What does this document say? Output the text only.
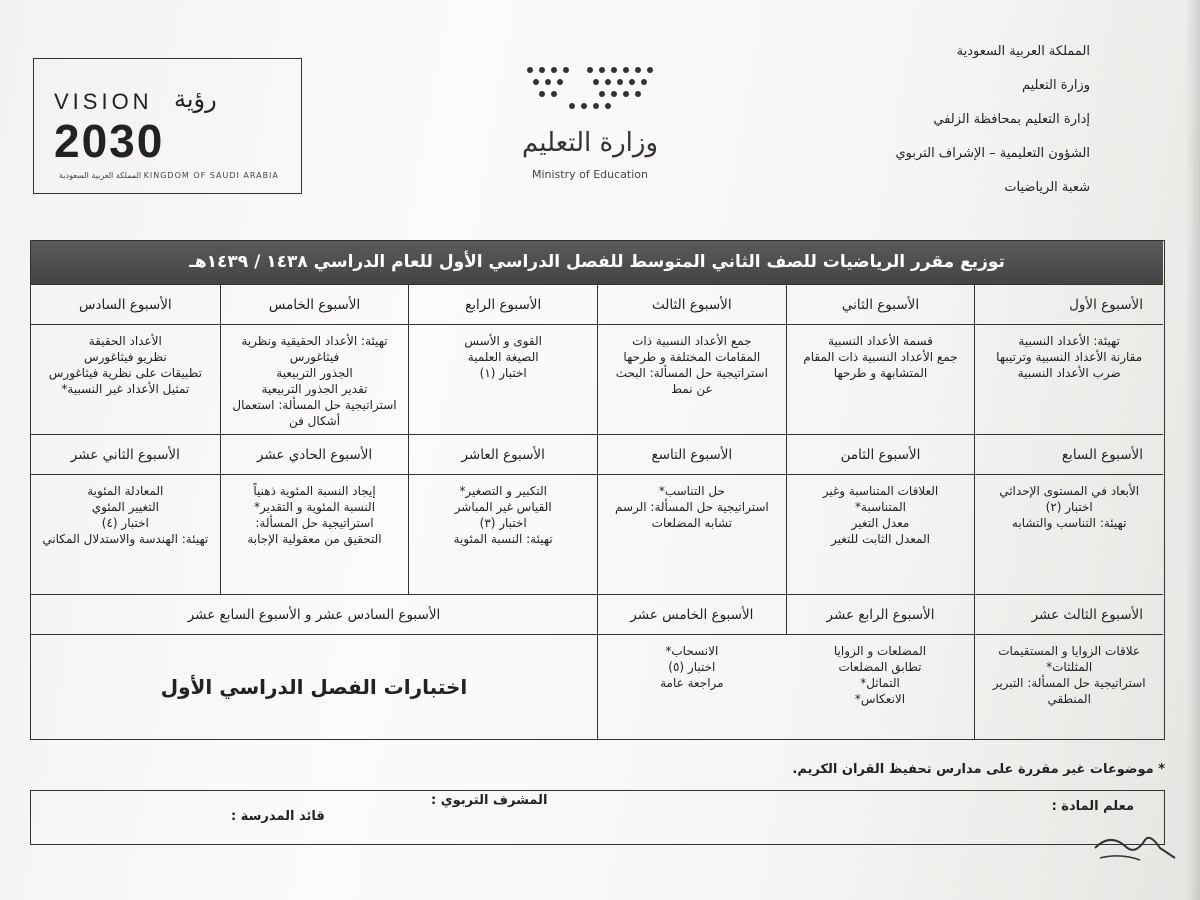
المملكة العربية السعودية
وزارة التعليم
إدارة التعليم بمحافظة الزلفي
الشؤون التعليمية – الإشراف التربوي
شعبة الرياضيات
VISION رؤية
2030
المملكة العربية السعودية KINGDOM OF SAUDI ARABIA
وزارة التعليم
Ministry of Education
توزيع مقرر الرياضيات للصف الثاني المتوسط للفصل الدراسي الأول للعام الدراسي ١٤٣٨ / ١٤٣٩هـ
الأسبوع الأول
الأسبوع الثاني
الأسبوع الثالث
الأسبوع الرابع
الأسبوع الخامس
الأسبوع السادس
تهيئة: الأعداد النسبية
مقارنة الأعداد النسبية وترتيبها
ضرب الأعداد النسبية
قسمة الأعداد النسبية
جمع الأعداد النسبية ذات المقام المتشابهة و طرحها
جمع الأعداد النسبية ذات المقامات المختلفة و طرحها
استراتيجية حل المسألة: البحث عن نمط
القوى و الأسس
الصيغة العلمية
اختبار (١)
تهيئة: الأعداد الحقيقية ونظرية فيثاغورس
الجذور التربيعية
تقدير الجذور التربيعية
استراتيجية حل المسألة: استعمال أشكال فن
الأعداد الحقيقة
نظريو فيثاغورس
تطبيقات على نظرية فيثاغورس
تمثيل الأعداد غير النسبية*
الأسبوع السابع
الأسبوع الثامن
الأسبوع التاسع
الأسبوع العاشر
الأسبوع الحادي عشر
الأسبوع الثاني عشر
الأبعاد في المستوى الإحداثي
اختبار (٢)
تهيئة: التناسب والتشابه
العلاقات المتناسبة وغير المتناسبة*
معدل التغير
المعدل الثابت للتغير
حل التناسب*
استراتيجية حل المسألة: الرسم
تشابه المضلعات
التكبير و التصغير*
القياس غير المباشر
اختبار (٣)
تهيئة: النسبة المئوية
إيجاد النسبة المئوية ذهنياً
النسبة المئوية و التقدير*
استراتيجية حل المسألة:
التحقيق من معقولية الإجابة
المعادلة المئوية
التغيير المئوي
اختبار (٤)
تهيئة: الهندسة والاستدلال المكاني
الأسبوع الثالث عشر
الأسبوع الرابع عشر
الأسبوع الخامس عشر
الأسبوع السادس عشر و الأسبوع السابع عشر
علاقات الزوايا و المستقيمات
المثلثات*
استراتيجية حل المسألة: التبرير المنطقي
المضلعات و الزوايا
تطابق المضلعات
التماثل*
الانعكاس*
الانسحاب*
اختبار (٥)
مراجعة عامة
اختبارات الفصل الدراسي الأول
* موضوعات غير مقررة على مدارس تحفيظ القران الكريم.
معلم المادة :
المشرف التربوي :
قائد المدرسة :
